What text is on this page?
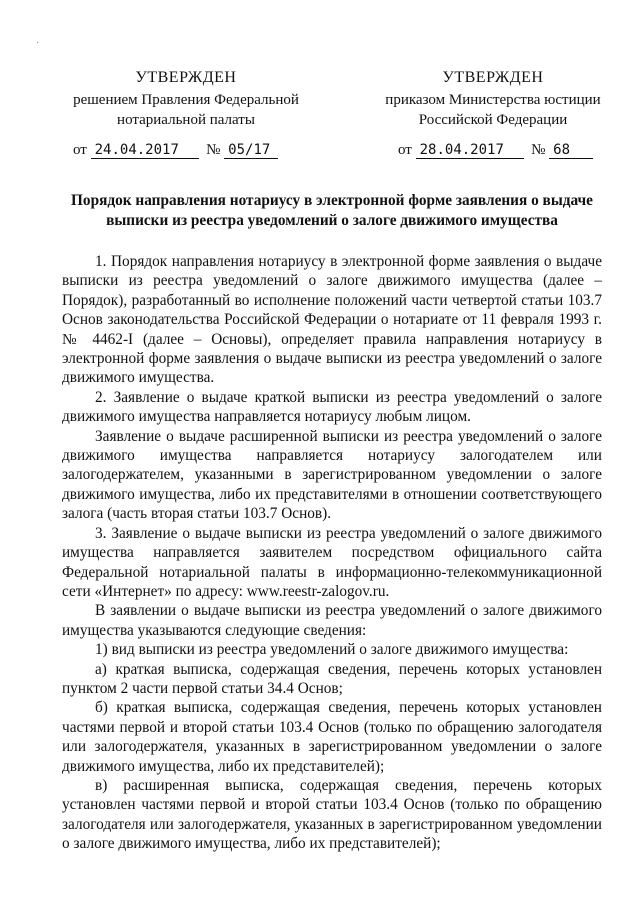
·
УТВЕРЖДЕН
решением Правления Федеральной
нотариальной палаты
УТВЕРЖДЕН
приказом Министерства юстиции
Российской Федерации
от 24.04.2017 № 05/17	от 28.04.2017 № 68
Порядок направления нотариусу в электронной форме заявления о выдаче выписки из реестра уведомлений о залоге движимого имущества

1. Порядок направления нотариусу в электронной форме заявления о выдаче выписки из реестра уведомлений о залоге движимого имущества (далее – Порядок), разработанный во исполнение положений части четвертой статьи 103.7 Основ законодательства Российской Федерации о нотариате от 11 февраля 1993 г. № 4462-I (далее – Основы), определяет правила направления нотариусу в электронной форме заявления о выдаче выписки из реестра уведомлений о залоге движимого имущества.

2. Заявление о выдаче краткой выписки из реестра уведомлений о залоге движимого имущества направляется нотариусу любым лицом.

Заявление о выдаче расширенной выписки из реестра уведомлений о залоге движимого имущества направляется нотариусу залогодателем или залогодержателем, указанными в зарегистрированном уведомлении о залоге движимого имущества, либо их представителями в отношении соответствующего залога (часть вторая статьи 103.7 Основ).

3. Заявление о выдаче выписки из реестра уведомлений о залоге движимого имущества направляется заявителем посредством официального сайта Федеральной нотариальной палаты в информационно-телекоммуникационной сети «Интернет» по адресу: www.reestr-zalogov.ru.

В заявлении о выдаче выписки из реестра уведомлений о залоге движимого имущества указываются следующие сведения:

1) вид выписки из реестра уведомлений о залоге движимого имущества:

а) краткая выписка, содержащая сведения, перечень которых установлен пунктом 2 части первой статьи 34.4 Основ;

б) краткая выписка, содержащая сведения, перечень которых установлен частями первой и второй статьи 103.4 Основ (только по обращению залогодателя или залогодержателя, указанных в зарегистрированном уведомлении о залоге движимого имущества, либо их представителей);

в) расширенная выписка, содержащая сведения, перечень которых установлен частями первой и второй статьи 103.4 Основ (только по обращению залогодателя или залогодержателя, указанных в зарегистрированном уведомлении о залоге движимого имущества, либо их представителей);
